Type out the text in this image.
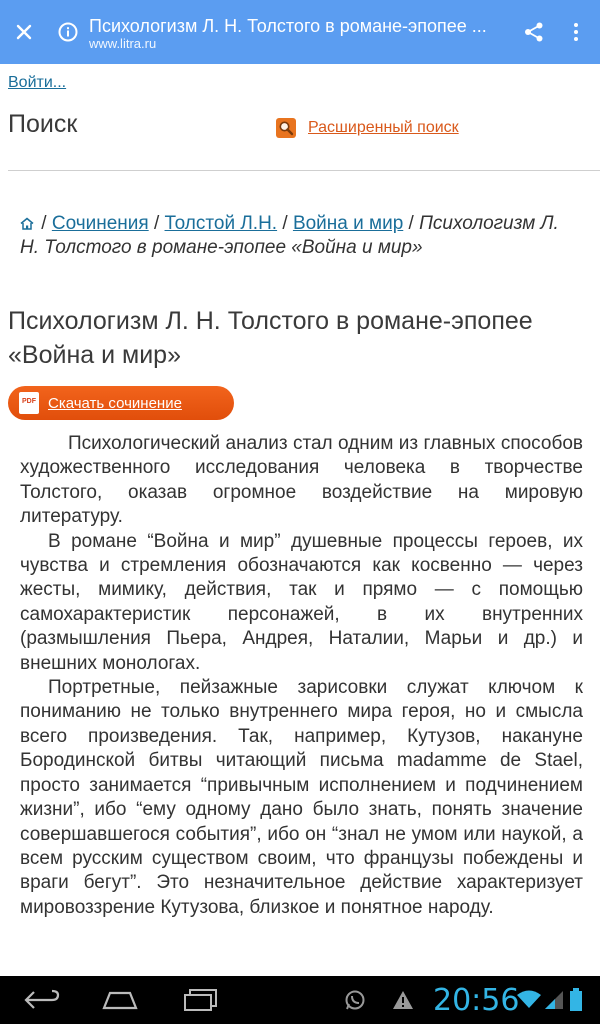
Психологизм Л. Н. Толстого в романе-эпопее ...
www.litra.ru
Войти...
Поиск	Расширенный поиск
/ Сочинения / Толстой Л.Н. / Война и мир / Психологизм Л. Н. Толстого в романе-эпопее «Война и мир»
Психологизм Л. Н. Толстого в романе-эпопее «Война и мир»
PDF Скачать сочинение

Психологический анализ стал одним из главных способов художественного исследования человека в творчестве Толстого, оказав огромное воздействие на мировую литературу.

В романе “Война и мир” душевные процессы героев, их чувства и стремления обозначаются как косвенно — через жесты, мимику, действия, так и прямо — с помощью самохарактеристик персонажей, в их внутренних (размышления Пьера, Андрея, Наталии, Марьи и др.) и внешних монологах.

Портретные, пейзажные зарисовки служат ключом к пониманию не только внутреннего мира героя, но и смысла всего произведения. Так, например, Кутузов, накануне Бородинской битвы читающий письма madamme de Stael, просто занимается “привычным исполнением и подчинением жизни”, ибо “ему одному дано было знать, понять значение совершавшегося события”, ибо он “знал не умом или наукой, а всем русским существом своим, что французы побеждены и враги бегут”. Это незначительное действие характеризует мировоззрение Кутузова, близкое и понятное народу.

20:56
